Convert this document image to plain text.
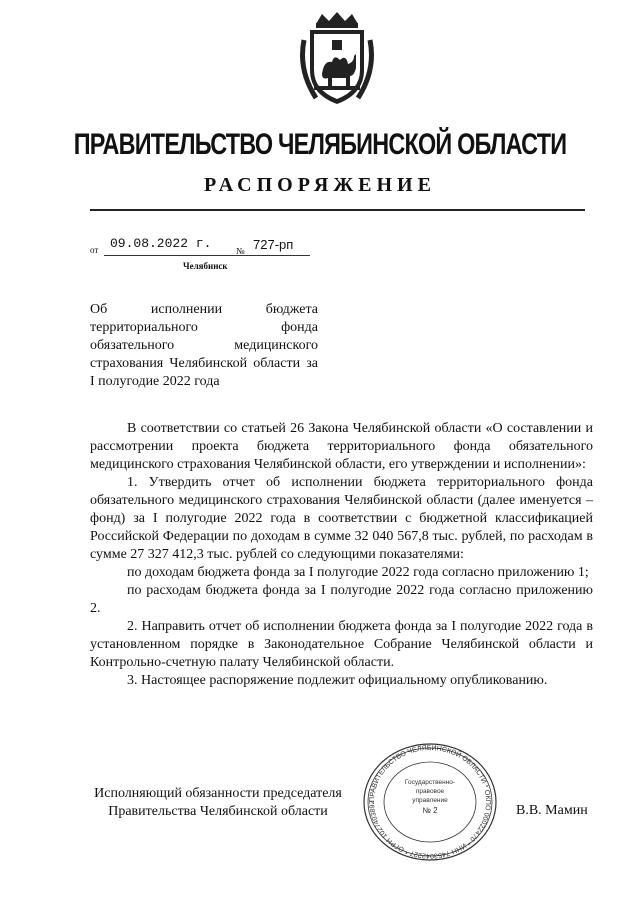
ПРАВИТЕЛЬСТВО ЧЕЛЯБИНСКОЙ ОБЛАСТИ
РАСПОРЯЖЕНИЕ
от 09.08.2022 г.	№ 727-рп
Челябинск
Об исполнении бюджета территориального фонда обязательного медицинского страхования Челябинской области за I полугодие 2022 года

В соответствии со статьей 26 Закона Челябинской области «О составлении и рассмотрении проекта бюджета территориального фонда обязательного медицинского страхования Челябинской области, его утверждении и исполнении»:

1. Утвердить отчет об исполнении бюджета территориального фонда обязательного медицинского страхования Челябинской области (далее именуется – фонд) за I полугодие 2022 года в соответствии с бюджетной классификацией Российской Федерации по доходам в сумме 32 040 567,8 тыс. рублей, по расходам в сумме 27 327 412,3 тыс. рублей со следующими показателями:

по доходам бюджета фонда за I полугодие 2022 года согласно приложению 1;

по расходам бюджета фонда за I полугодие 2022 года согласно приложению 2.

2. Направить отчет об исполнении бюджета фонда за I полугодие 2022 года в установленном порядке в Законодательное Собрание Челябинской области и Контрольно-счетную палату Челябинской области.

3. Настоящее распоряжение подлежит официальному опубликованию.

Исполняющий обязанности председателя
Правительства Челябинской области	В.В. Мамин
ПРАВИТЕЛЬСТВО ЧЕЛЯБИНСКОЙ ОБЛАСТИ * ОКПО 00022470 * ИНН 7453042227 * ОГРН 1027403892
Государственно-
правовое
управление
№ 2
